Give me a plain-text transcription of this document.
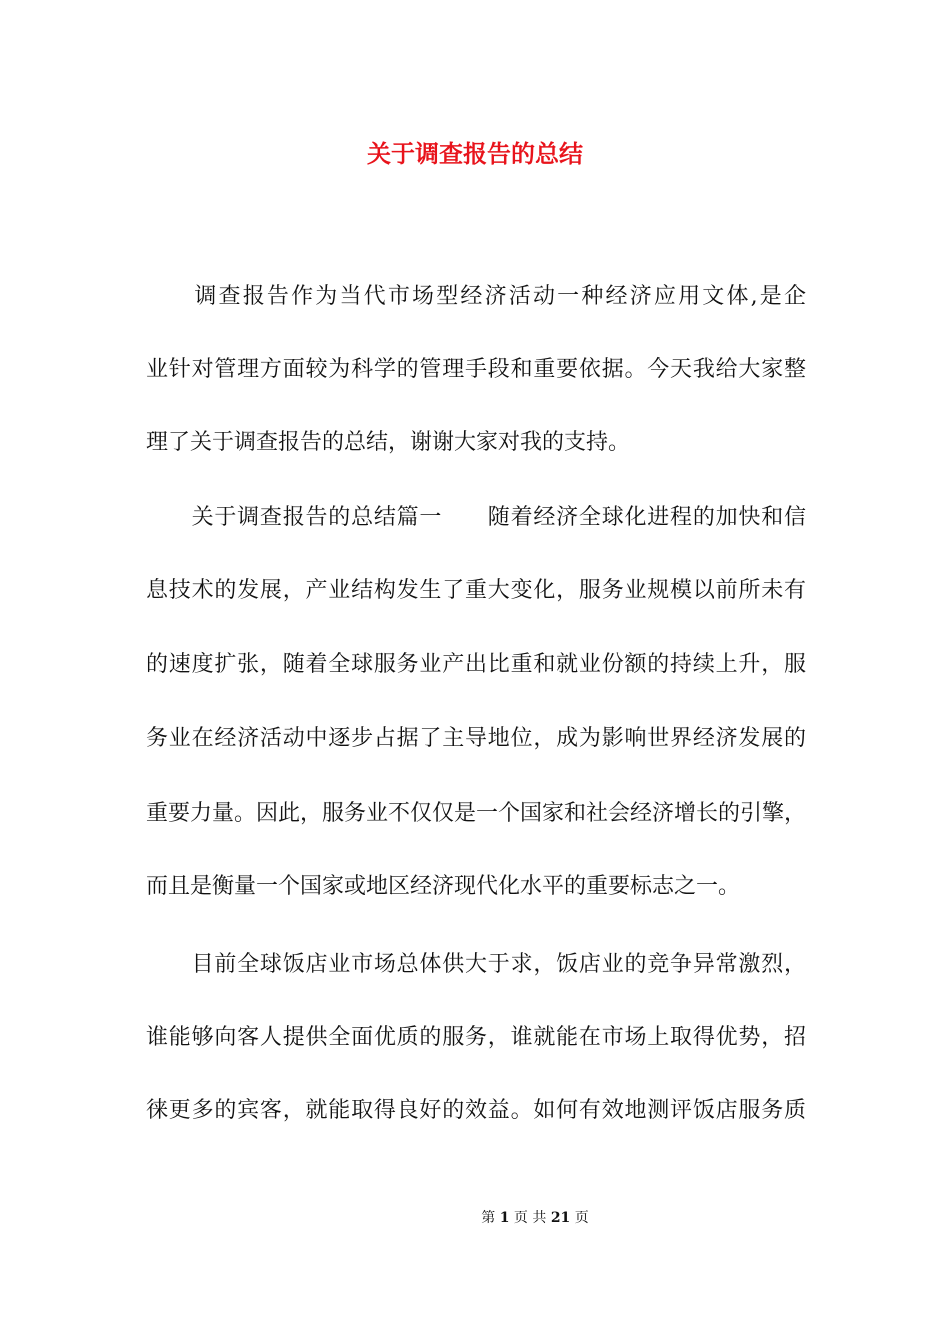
关于调查报告的总结
　　调查报告作为当代市场型经济活动一种经济应用文体,是企
业针对管理方面较为科学的管理手段和重要依据。今天我给大家整
理了关于调查报告的总结，谢谢大家对我的支持。
　　关于调查报告的总结篇一　　随着经济全球化进程的加快和信
息技术的发展，产业结构发生了重大变化，服务业规模以前所未有
的速度扩张，随着全球服务业产出比重和就业份额的持续上升，服
务业在经济活动中逐步占据了主导地位，成为影响世界经济发展的
重要力量。因此，服务业不仅仅是一个国家和社会经济增长的引擎，
而且是衡量一个国家或地区经济现代化水平的重要标志之一。
　　目前全球饭店业市场总体供大于求，饭店业的竞争异常激烈，
谁能够向客人提供全面优质的服务，谁就能在市场上取得优势，招
徕更多的宾客，就能取得良好的效益。如何有效地测评饭店服务质
第 1 页 共 21 页
